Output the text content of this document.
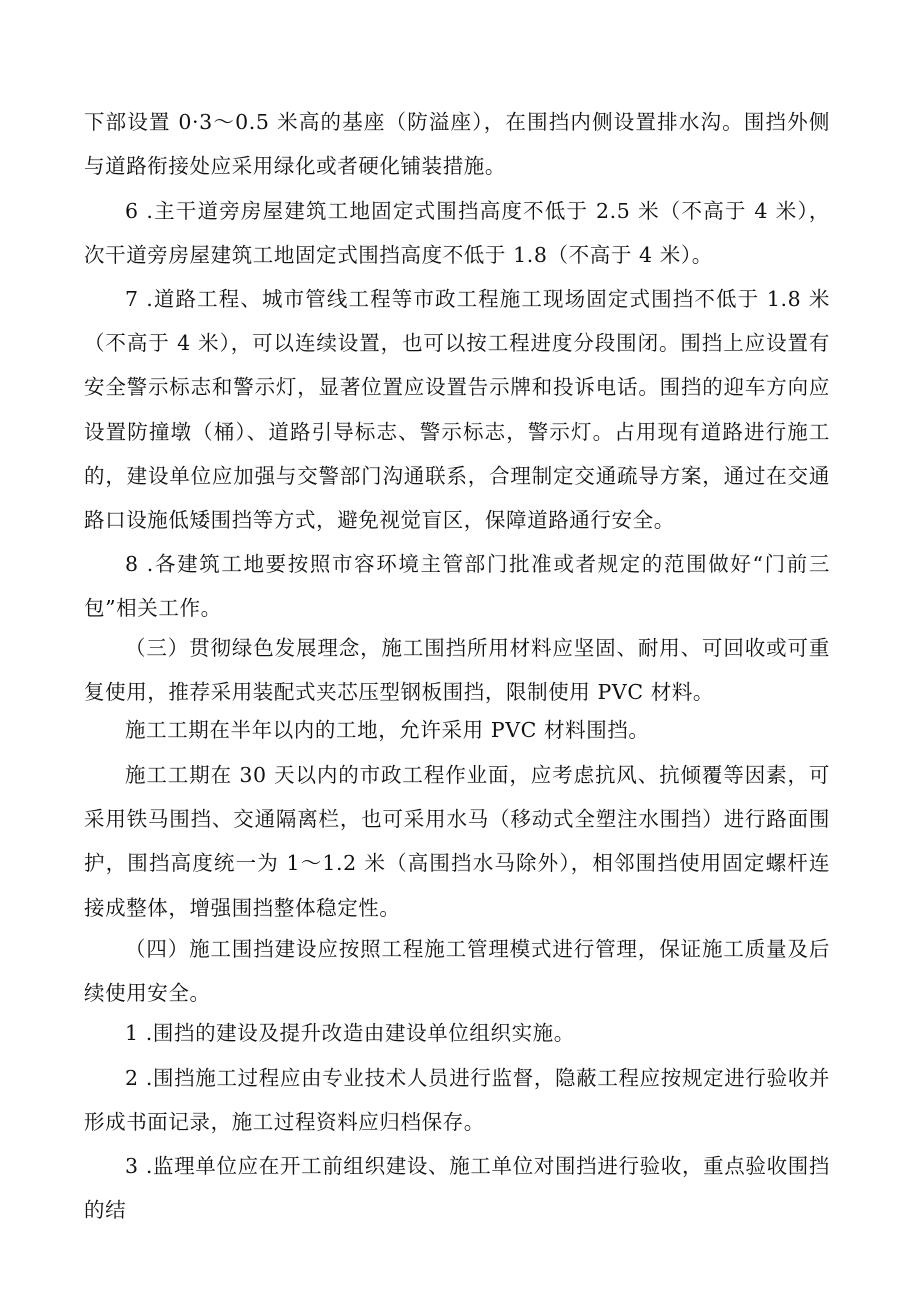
下部设置 0·3～0.5 米高的基座（防溢座），在围挡内侧设置排水沟。围挡外侧与道路衔接处应采用绿化或者硬化铺装措施。

6 .主干道旁房屋建筑工地固定式围挡高度不低于 2.5 米（不高于 4 米），次干道旁房屋建筑工地固定式围挡高度不低于 1.8（不高于 4 米）。

7 .道路工程、城市管线工程等市政工程施工现场固定式围挡不低于 1.8 米（不高于 4 米），可以连续设置，也可以按工程进度分段围闭。围挡上应设置有安全警示标志和警示灯，显著位置应设置告示牌和投诉电话。围挡的迎车方向应设置防撞墩（桶）、道路引导标志、警示标志，警示灯。占用现有道路进行施工的，建设单位应加强与交警部门沟通联系，合理制定交通疏导方案，通过在交通路口设施低矮围挡等方式，避免视觉盲区，保障道路通行安全。

8 .各建筑工地要按照市容环境主管部门批准或者规定的范围做好“门前三包”相关工作。

（三）贯彻绿色发展理念，施工围挡所用材料应坚固、耐用、可回收或可重复使用，推荐采用装配式夹芯压型钢板围挡，限制使用 PVC 材料。

施工工期在半年以内的工地，允许采用 PVC 材料围挡。

施工工期在 30 天以内的市政工程作业面，应考虑抗风、抗倾覆等因素，可采用铁马围挡、交通隔离栏，也可采用水马（移动式全塑注水围挡）进行路面围护，围挡高度统一为 1～1.2 米（高围挡水马除外），相邻围挡使用固定螺杆连接成整体，增强围挡整体稳定性。

（四）施工围挡建设应按照工程施工管理模式进行管理，保证施工质量及后续使用安全。

1 .围挡的建设及提升改造由建设单位组织实施。

2 .围挡施工过程应由专业技术人员进行监督，隐蔽工程应按规定进行验收并形成书面记录，施工过程资料应归档保存。

3 .监理单位应在开工前组织建设、施工单位对围挡进行验收，重点验收围挡的结
